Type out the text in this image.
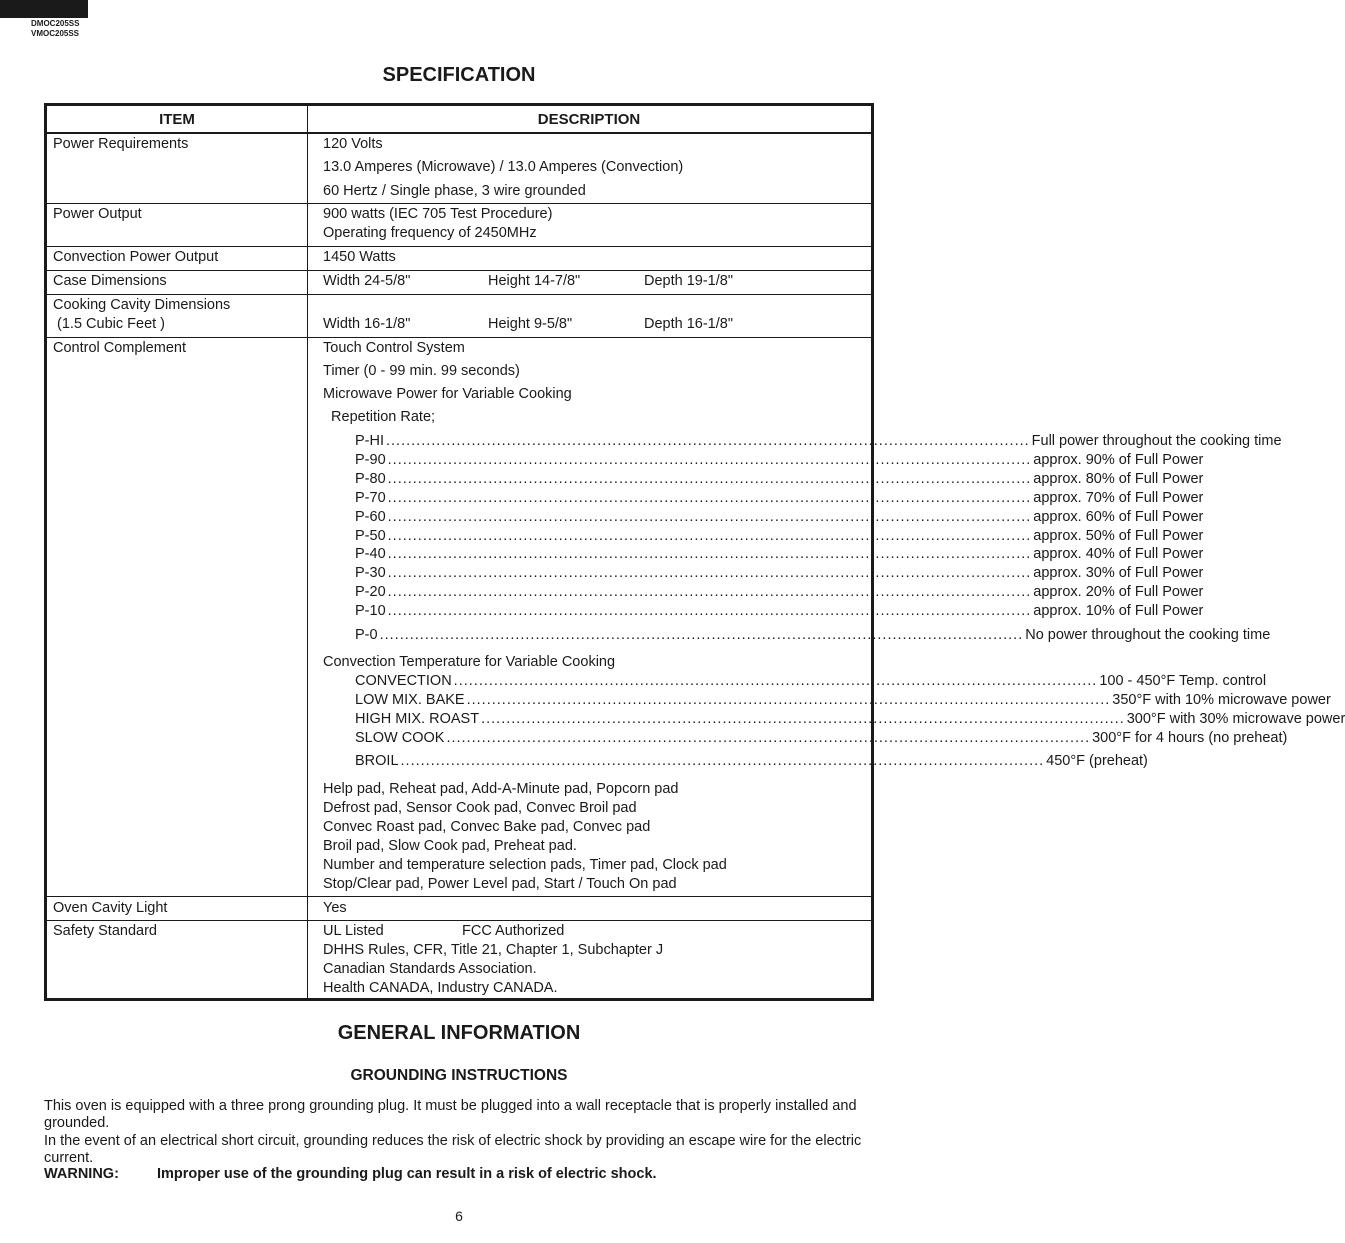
DMOC205SS
VMOC205SS
SPECIFICATION
ITEM	DESCRIPTION
Power Requirements	120 Volts
13.0 Amperes (Microwave) / 13.0 Amperes (Convection)
60 Hertz / Single phase, 3 wire grounded
Power Output	900 watts (IEC 705 Test Procedure)
Operating frequency of 2450MHz
Convection Power Output	1450 Watts
Case Dimensions	Width 24-5/8"	Height 14-7/8"	Depth 19-1/8"
Cooking Cavity Dimensions
(1.5 Cubic Feet )	Width 16-1/8"	Height 9-5/8"	Depth 16-1/8"
Control Complement	Touch Control System
Timer (0 - 99 min. 99 seconds)
Microwave Power for Variable Cooking
Repetition Rate;
P-HI ................................................................................................................................ Full power throughout the cooking time
P-90 ................................................................................................................................ approx. 90% of Full Power
P-80 ................................................................................................................................ approx. 80% of Full Power
P-70 ................................................................................................................................ approx. 70% of Full Power
P-60 ................................................................................................................................ approx. 60% of Full Power
P-50 ................................................................................................................................ approx. 50% of Full Power
P-40 ................................................................................................................................ approx. 40% of Full Power
P-30 ................................................................................................................................ approx. 30% of Full Power
P-20 ................................................................................................................................ approx. 20% of Full Power
P-10 ................................................................................................................................ approx. 10% of Full Power
P-0 ................................................................................................................................ No power throughout the cooking time
Convection Temperature for Variable Cooking
CONVECTION ................................................................................................................................ 100 - 450°F Temp. control
LOW MIX. BAKE ................................................................................................................................ 350°F with 10% microwave power
HIGH MIX. ROAST ................................................................................................................................ 300°F with 30% microwave power
SLOW COOK ................................................................................................................................ 300°F for 4 hours (no preheat)
BROIL ................................................................................................................................ 450°F (preheat)
Help pad, Reheat pad, Add-A-Minute pad, Popcorn pad
Defrost pad, Sensor Cook pad, Convec Broil pad
Convec Roast pad, Convec Bake pad, Convec pad
Broil pad, Slow Cook pad, Preheat pad.
Number and temperature selection pads, Timer pad, Clock pad
Stop/Clear pad, Power Level pad, Start / Touch On pad
Oven Cavity Light	Yes
Safety Standard	UL Listed	FCC Authorized
DHHS Rules, CFR, Title 21, Chapter 1, Subchapter J
Canadian Standards Association.
Health CANADA, Industry CANADA.
GENERAL INFORMATION
GROUNDING INSTRUCTIONS
This oven is equipped with a three prong grounding plug. It must be plugged into a wall receptacle that is properly installed and grounded.
In the event of an electrical short circuit, grounding reduces the risk of electric shock by providing an escape wire for the electric current.
WARNING:	Improper use of the grounding plug can result in a risk of electric shock.
6
